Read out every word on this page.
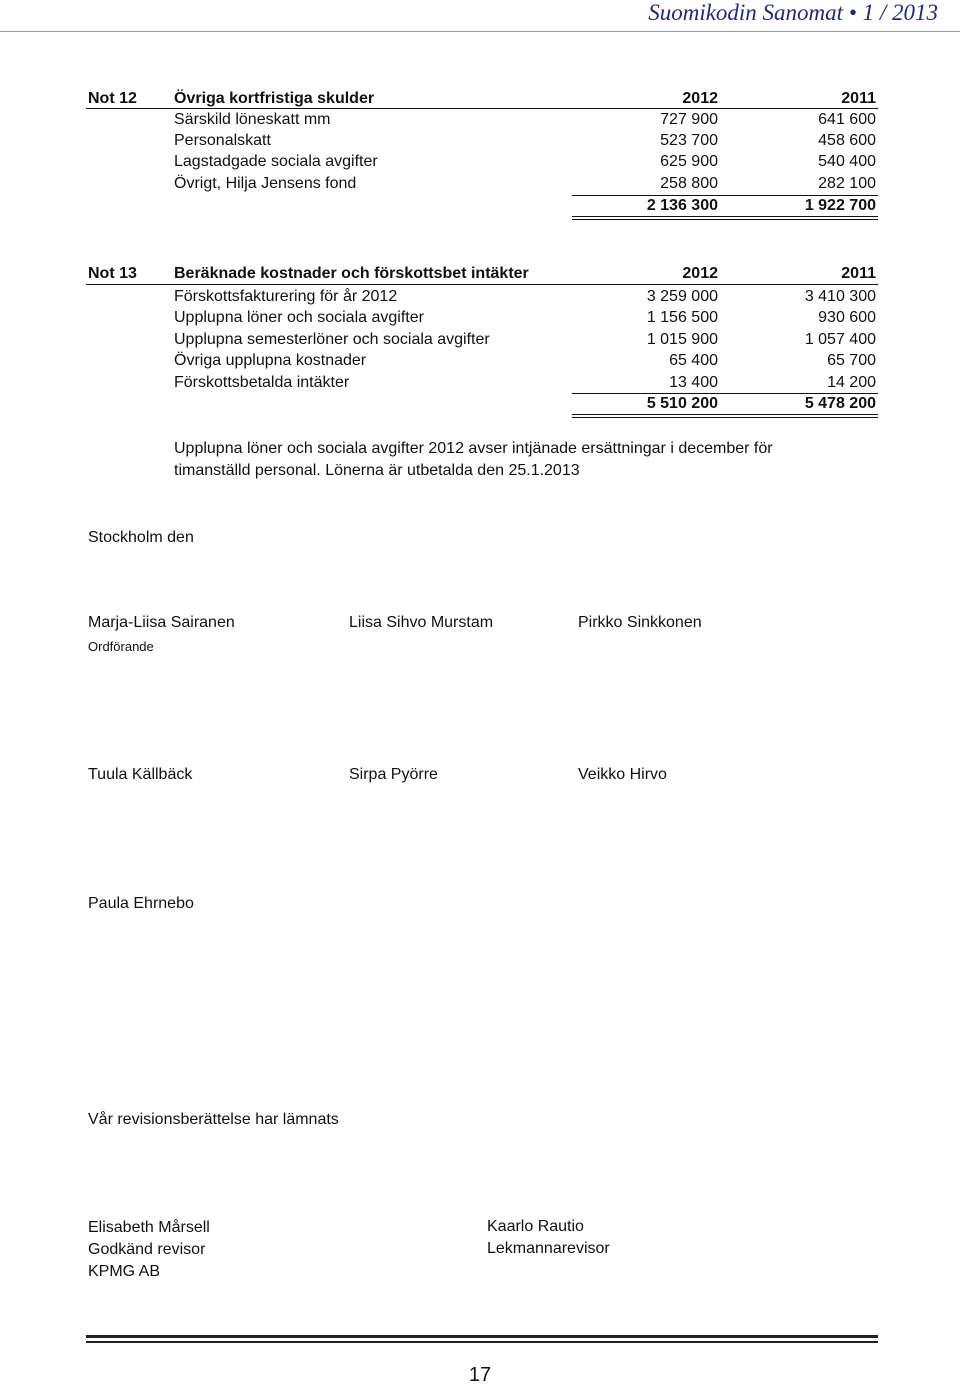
Suomikodin Sanomat • 1 / 2013
Not 12 Övriga kortfristiga skulder	2012	2011
Särskild löneskatt mm	727 900	641 600
Personalskatt	523 700	458 600
Lagstadgade sociala avgifter	625 900	540 400
Övrigt, Hilja Jensens fond	258 800	282 100
2 136 300	1 922 700
Not 13 Beräknade kostnader och förskottsbet intäkter	2012	2011
Förskottsfakturering för år 2012	3 259 000	3 410 300
Upplupna löner och sociala avgifter	1 156 500	930 600
Upplupna semesterlöner och sociala avgifter	1 015 900	1 057 400
Övriga upplupna kostnader	65 400	65 700
Förskottsbetalda intäkter	13 400	14 200
5 510 200	5 478 200
Upplupna löner och sociala avgifter 2012 avser intjänade ersättningar i december för
timanställd personal. Lönerna är utbetalda den 25.1.2013
Stockholm den
Marja-Liisa Sairanen	Liisa Sihvo Murstam	Pirkko Sinkkonen
Ordförande
Tuula Källbäck	Sirpa Pyörre	Veikko Hirvo
Paula Ehrnebo
Vår revisionsberättelse har lämnats
Elisabeth Mårsell
Godkänd revisor
KPMG AB
Kaarlo Rautio
Lekmannarevisor
17
